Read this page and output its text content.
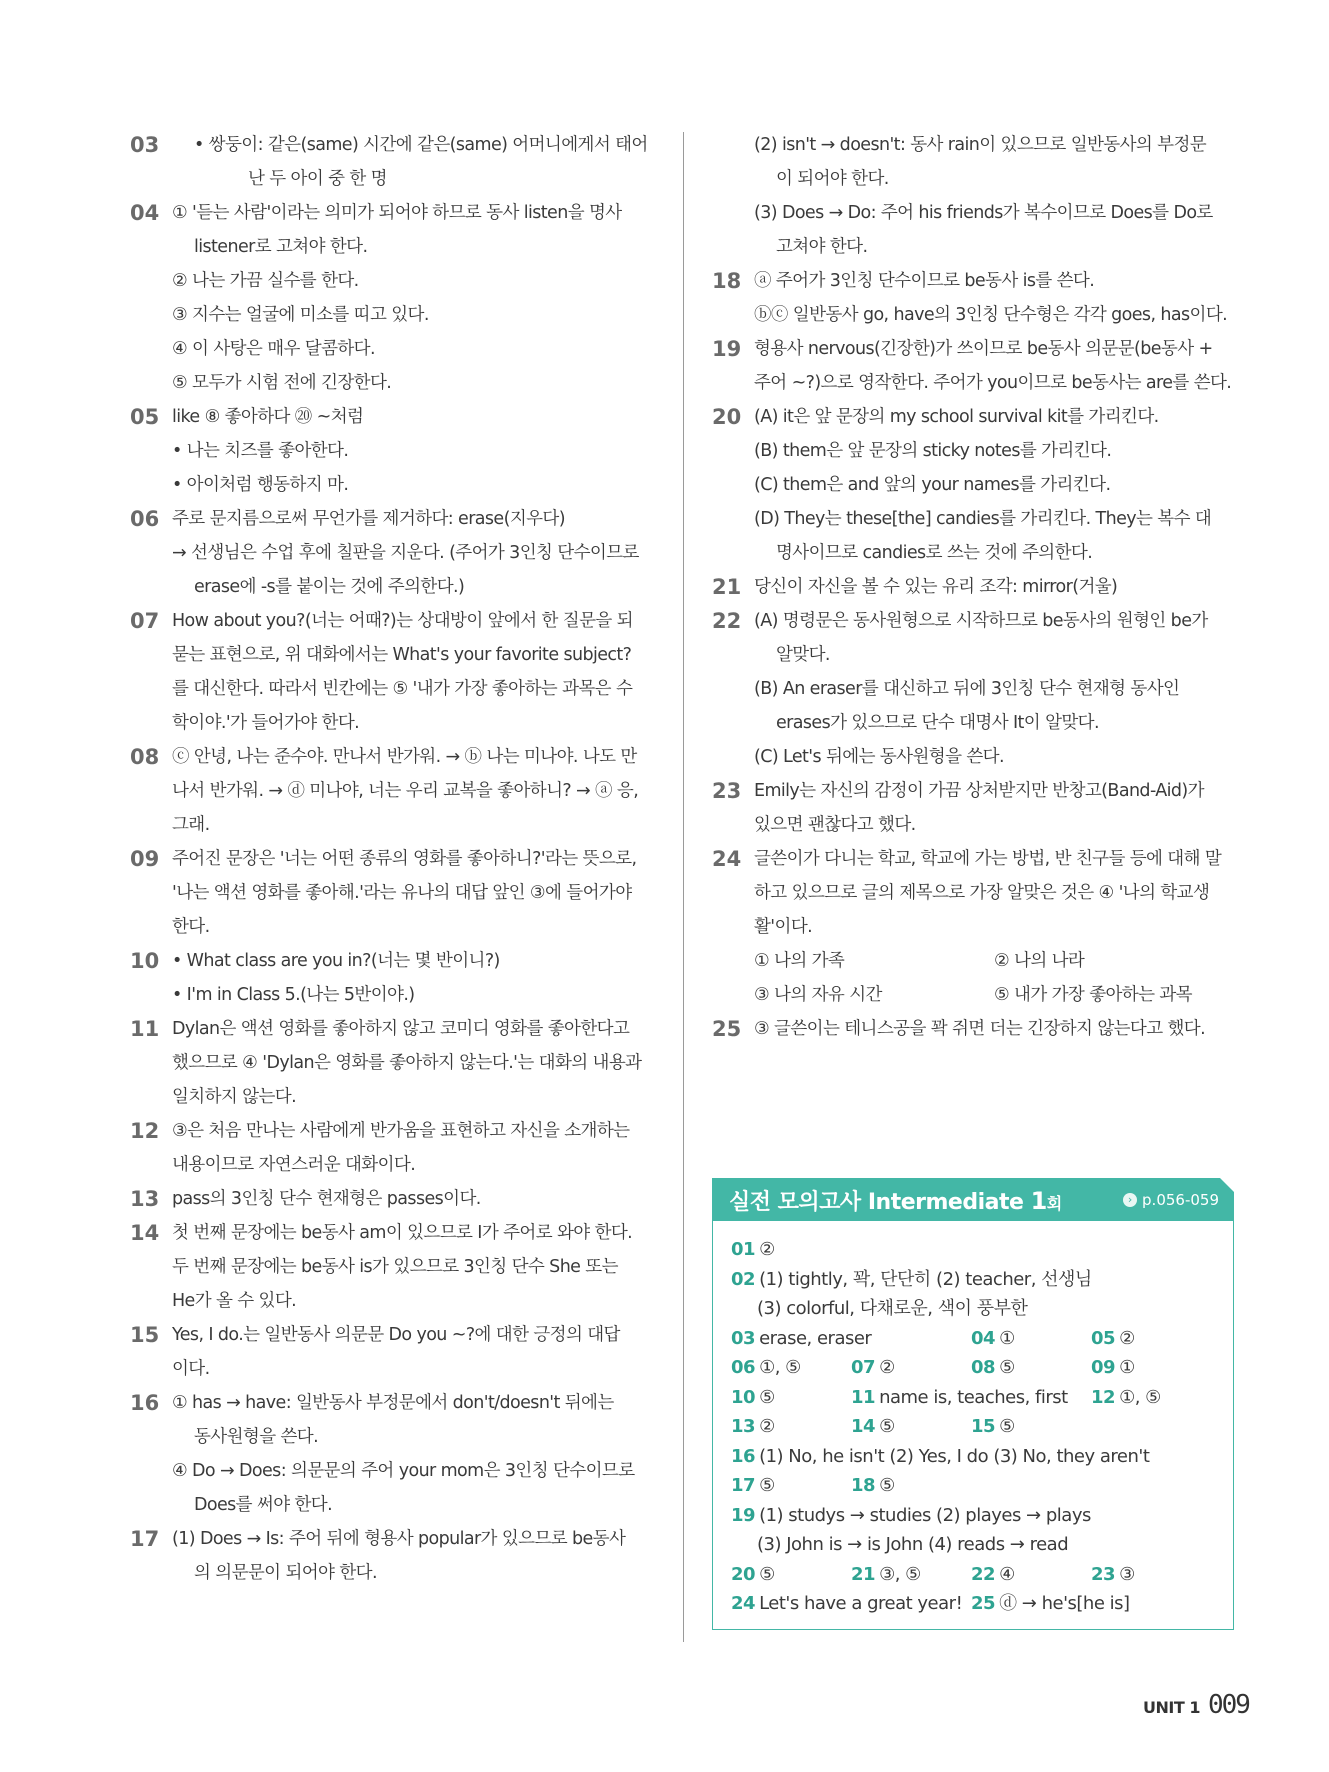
03	• 쌍둥이: 같은(same) 시간에 같은(same) 어머니에게서 태어
난 두 아이 중 한 명
04 ① '듣는 사람'이라는 의미가 되어야 하므로 동사 listen을 명사
listener로 고쳐야 한다.
② 나는 가끔 실수를 한다.
③ 지수는 얼굴에 미소를 띠고 있다.
④ 이 사탕은 매우 달콤하다.
⑤ 모두가 시험 전에 긴장한다.
05 like ⑧ 좋아하다 ⑳ ~처럼
• 나는 치즈를 좋아한다.
• 아이처럼 행동하지 마.
06 주로 문지름으로써 무언가를 제거하다: erase(지우다)
→ 선생님은 수업 후에 칠판을 지운다. (주어가 3인칭 단수이므로
erase에 -s를 붙이는 것에 주의한다.)
07 How about you?(너는 어때?)는 상대방이 앞에서 한 질문을 되
묻는 표현으로, 위 대화에서는 What's your favorite subject?
를 대신한다. 따라서 빈칸에는 ⑤ '내가 가장 좋아하는 과목은 수
학이야.'가 들어가야 한다.
08 ⓒ 안녕, 나는 준수야. 만나서 반가워. → ⓑ 나는 미나야. 나도 만
나서 반가워. → ⓓ 미나야, 너는 우리 교복을 좋아하니? → ⓐ 응,
그래.
09 주어진 문장은 '너는 어떤 종류의 영화를 좋아하니?'라는 뜻으로,
'나는 액션 영화를 좋아해.'라는 유나의 대답 앞인 ③에 들어가야
한다.
10 • What class are you in?(너는 몇 반이니?)
• I'm in Class 5.(나는 5반이야.)
11 Dylan은 액션 영화를 좋아하지 않고 코미디 영화를 좋아한다고
했으므로 ④ 'Dylan은 영화를 좋아하지 않는다.'는 대화의 내용과
일치하지 않는다.
12 ③은 처음 만나는 사람에게 반가움을 표현하고 자신을 소개하는
내용이므로 자연스러운 대화이다.
13 pass의 3인칭 단수 현재형은 passes이다.
14 첫 번째 문장에는 be동사 am이 있으므로 I가 주어로 와야 한다.
두 번째 문장에는 be동사 is가 있으므로 3인칭 단수 She 또는
He가 올 수 있다.
15 Yes, I do.는 일반동사 의문문 Do you ~?에 대한 긍정의 대답
이다.
16 ① has → have: 일반동사 부정문에서 don't/doesn't 뒤에는
동사원형을 쓴다.
④ Do → Does: 의문문의 주어 your mom은 3인칭 단수이므로
Does를 써야 한다.
17 (1) Does → Is: 주어 뒤에 형용사 popular가 있으므로 be동사
의 의문문이 되어야 한다.
(2) isn't → doesn't: 동사 rain이 있으므로 일반동사의 부정문
이 되어야 한다.
(3) Does → Do: 주어 his friends가 복수이므로 Does를 Do로
고쳐야 한다.
18 ⓐ 주어가 3인칭 단수이므로 be동사 is를 쓴다.
ⓑⓒ 일반동사 go, have의 3인칭 단수형은 각각 goes, has이다.
19 형용사 nervous(긴장한)가 쓰이므로 be동사 의문문(be동사 +
주어 ~?)으로 영작한다. 주어가 you이므로 be동사는 are를 쓴다.
20 (A) it은 앞 문장의 my school survival kit를 가리킨다.
(B) them은 앞 문장의 sticky notes를 가리킨다.
(C) them은 and 앞의 your names를 가리킨다.
(D) They는 these[the] candies를 가리킨다. They는 복수 대
명사이므로 candies로 쓰는 것에 주의한다.
21 당신이 자신을 볼 수 있는 유리 조각: mirror(거울)
22 (A) 명령문은 동사원형으로 시작하므로 be동사의 원형인 be가
알맞다.
(B) An eraser를 대신하고 뒤에 3인칭 단수 현재형 동사인
erases가 있으므로 단수 대명사 It이 알맞다.
(C) Let's 뒤에는 동사원형을 쓴다.
23 Emily는 자신의 감정이 가끔 상처받지만 반창고(Band-Aid)가
있으면 괜찮다고 했다.
24 글쓴이가 다니는 학교, 학교에 가는 방법, 반 친구들 등에 대해 말
하고 있으므로 글의 제목으로 가장 알맞은 것은 ④ '나의 학교생
활'이다.
① 나의 가족	② 나의 나라
③ 나의 자유 시간	⑤ 내가 가장 좋아하는 과목
25 ③ 글쓴이는 테니스공을 꽉 쥐면 더는 긴장하지 않는다고 했다.
실전 모의고사 Intermediate 1회	› p.056-059
01 ②
02 (1) tightly, 꽉, 단단히 (2) teacher, 선생님
(3) colorful, 다채로운, 색이 풍부한
03 erase, eraser	04 ①	05 ②
06 ①, ⑤	07 ②	08 ⑤	09 ①
10 ⑤	11 name is, teaches, first	12 ①, ⑤
13 ②	14 ⑤	15 ⑤
16 (1) No, he isn't (2) Yes, I do (3) No, they aren't
17 ⑤	18 ⑤
19 (1) studys → studies (2) playes → plays
(3) John is → is John (4) reads → read
20 ⑤	21 ③, ⑤	22 ④	23 ③
24 Let's have a great year! 25 ⓓ → he's[he is]
UNIT 1 009
